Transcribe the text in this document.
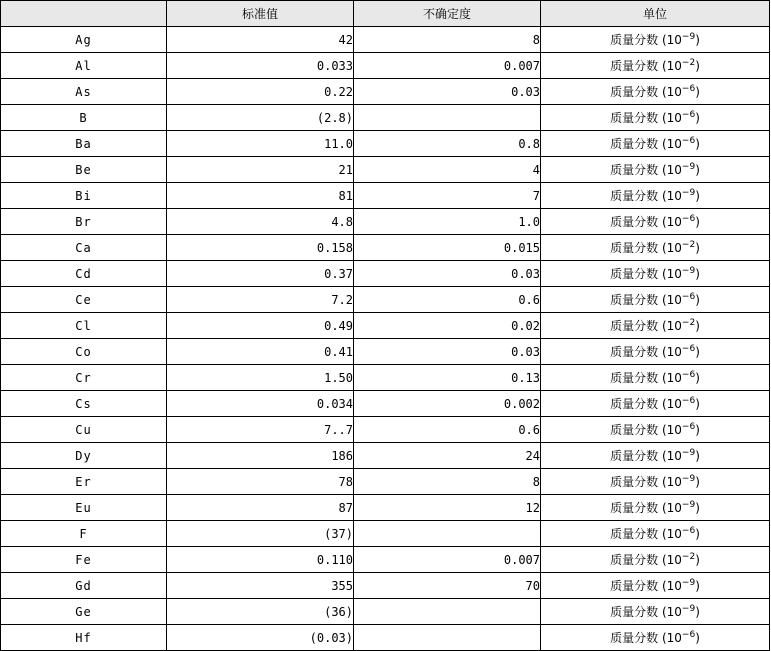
	标准值	不确定度	单位
Ag	42	8	质量分数 $(10^{-9})$
Al	0.033	0.007	质量分数 $(10^{-2})$
As	0.22	0.03	质量分数 $(10^{-6})$
B	(2.8)		质量分数 $(10^{-6})$
Ba	11.0	0.8	质量分数 $(10^{-6})$
Be	21	4	质量分数 $(10^{-9})$
Bi	81	7	质量分数 $(10^{-9})$
Br	4.8	1.0	质量分数 $(10^{-6})$
Ca	0.158	0.015	质量分数 $(10^{-2})$
Cd	0.37	0.03	质量分数 $(10^{-9})$
Ce	7.2	0.6	质量分数 $(10^{-6})$
Cl	0.49	0.02	质量分数 $(10^{-2})$
Co	0.41	0.03	质量分数 $(10^{-6})$
Cr	1.50	0.13	质量分数 $(10^{-6})$
Cs	0.034	0.002	质量分数 $(10^{-6})$
Cu	7..7	0.6	质量分数 $(10^{-6})$
Dy	186	24	质量分数 $(10^{-9})$
Er	78	8	质量分数 $(10^{-9})$
Eu	87	12	质量分数 $(10^{-9})$
F	(37)		质量分数 $(10^{-6})$
Fe	0.110	0.007	质量分数 $(10^{-2})$
Gd	355	70	质量分数 $(10^{-9})$
Ge	(36)		质量分数 $(10^{-9})$
Hf	(0.03)		质量分数 $(10^{-6})$
